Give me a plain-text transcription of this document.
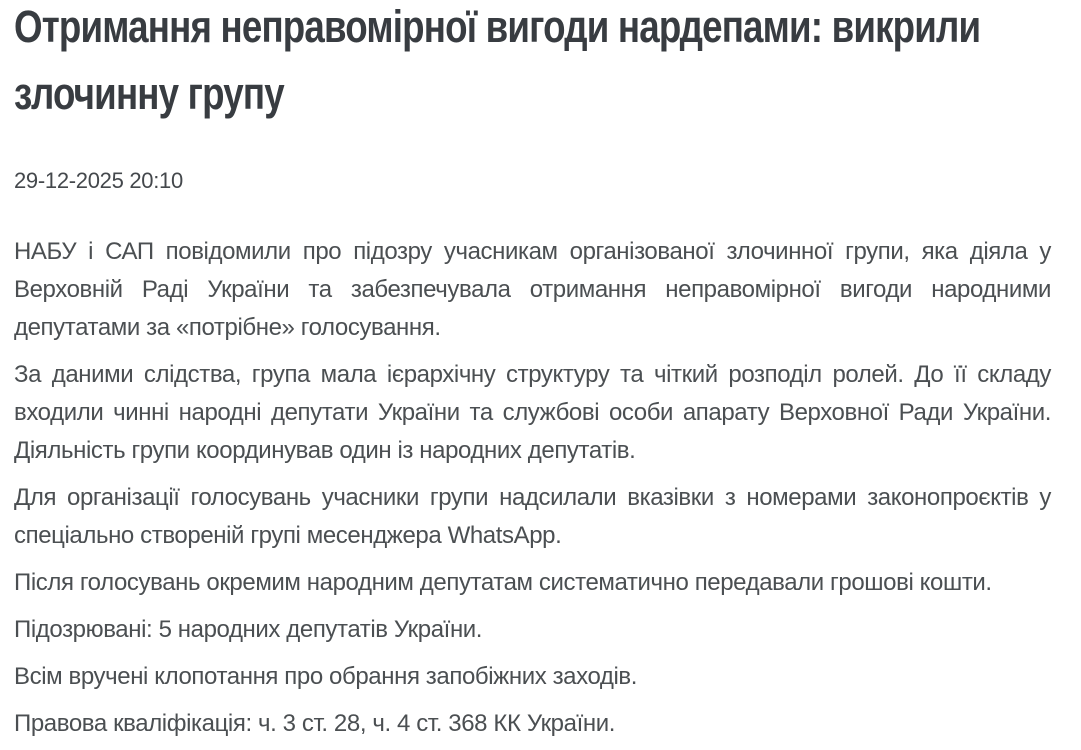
Отримання неправомірної вигоди нардепами: викрили злочинну групу
29-12-2025 20:10

НАБУ і САП повідомили про підозру учасникам організованої злочинної групи, яка діяла у Верховній Раді України та забезпечувала отримання неправомірної вигоди народними депутатами за «потрібне» голосування.

За даними слідства, група мала ієрархічну структуру та чіткий розподіл ролей. До її складу входили чинні народні депутати України та службові особи апарату Верховної Ради України. Діяльність групи координував один із народних депутатів.

Для організації голосувань учасники групи надсилали вказівки з номерами законопроєктів у спеціально створеній групі месенджера WhatsApp.

Після голосувань окремим народним депутатам систематично передавали грошові кошти.

Підозрювані: 5 народних депутатів України.

Всім вручені клопотання про обрання запобіжних заходів.

Правова кваліфікація: ч. 3 ст. 28, ч. 4 ст. 368 КК України.
